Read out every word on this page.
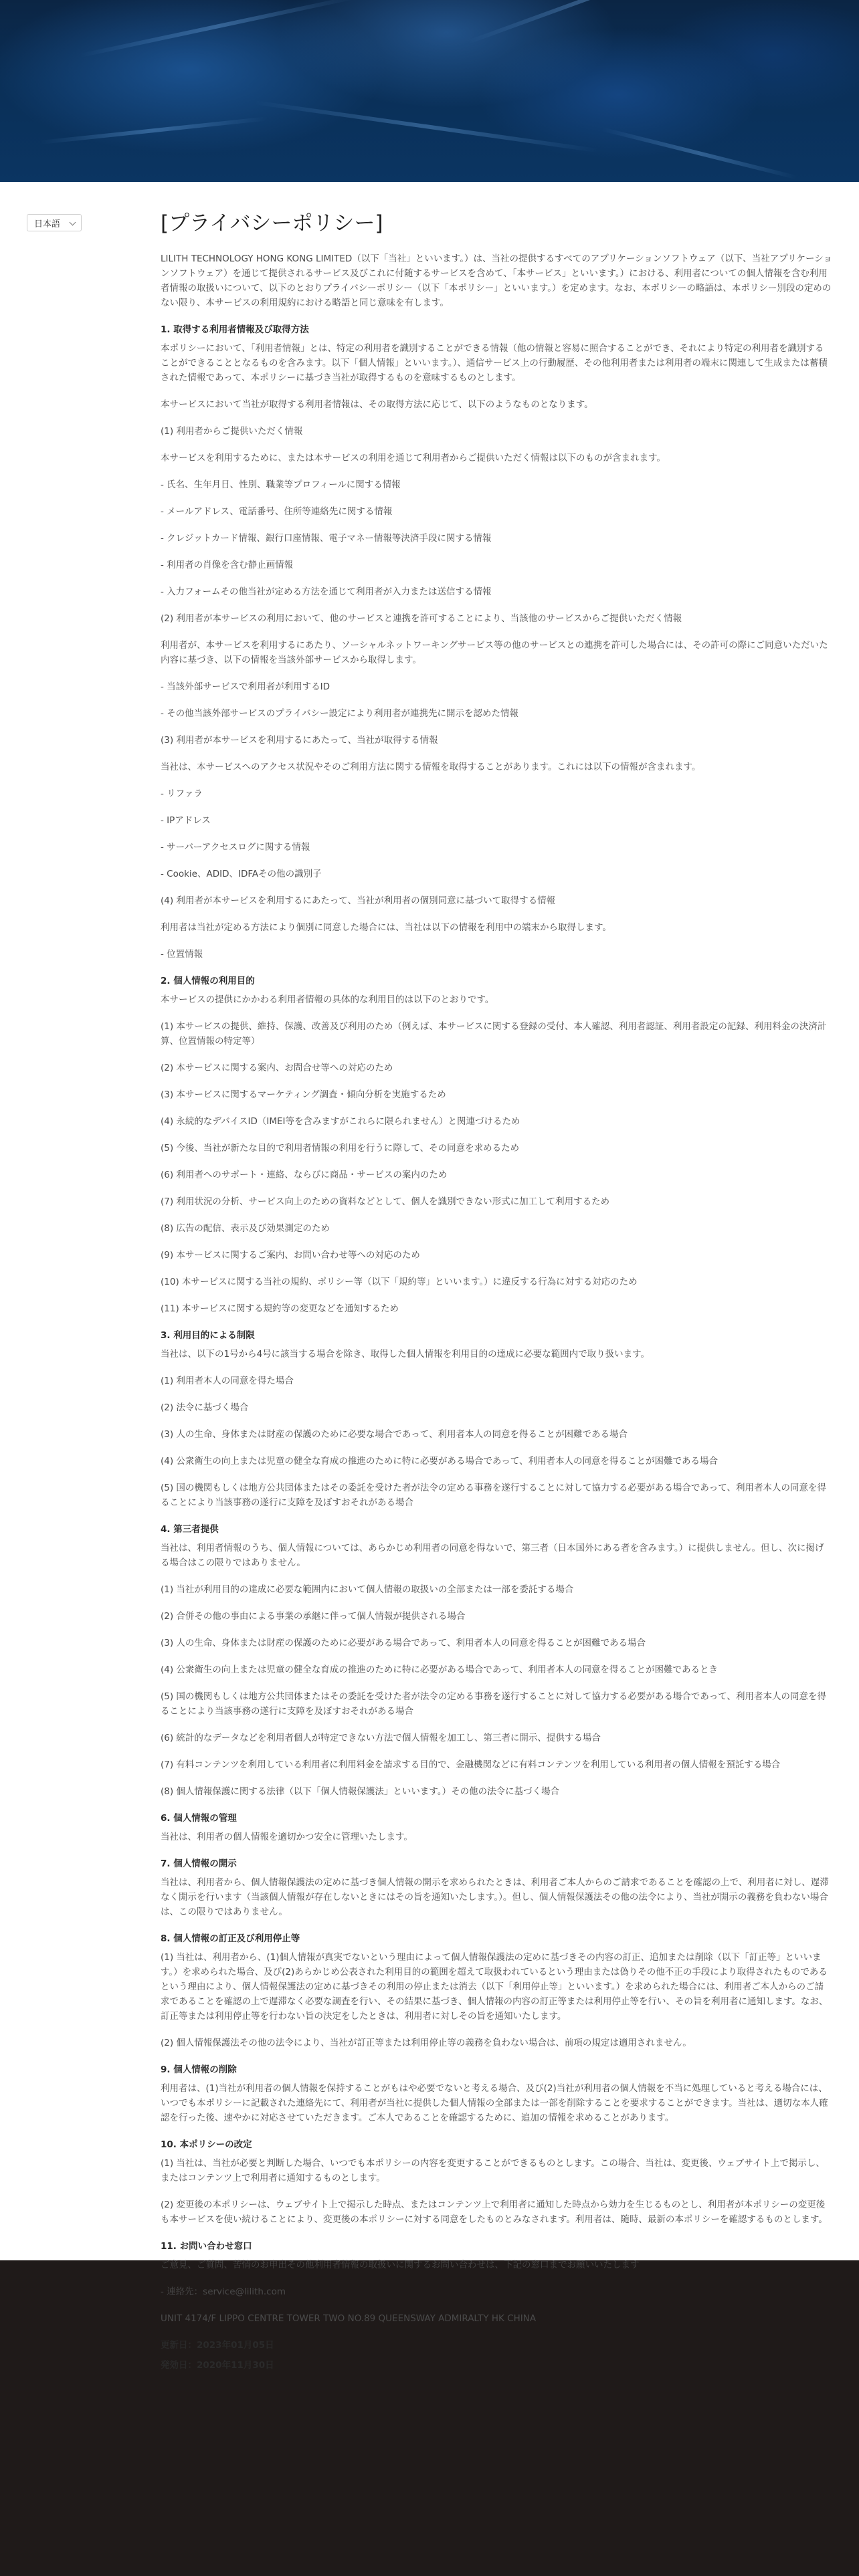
日本語	[プライバシーポリシー]

LILITH TECHNOLOGY HONG KONG LIMITED（以下「当社」といいます。）は、当社の提供するすべてのアプリケーションソフトウェア（以下、当社アプリケーションソフトウェア）を通じて提供されるサービス及びこれに付随するサービスを含めて、「本サービス」といいます。）における、利用者についての個人情報を含む利用者情報の取扱いについて、以下のとおりプライバシーポリシー（以下「本ポリシー」といいます。）を定めます。なお、本ポリシーの略語は、本ポリシー別段の定めのない限り、本サービスの利用規約における略語と同じ意味を有します。

1. 取得する利用者情報及び取得方法

本ポリシーにおいて、「利用者情報」とは、特定の利用者を識別することができる情報（他の情報と容易に照合することができ、それにより特定の利用者を識別することができることとなるものを含みます。以下「個人情報」といいます。）、通信サービス上の行動履歴、その他利用者または利用者の端末に関連して生成または蓄積された情報であって、本ポリシーに基づき当社が取得するものを意味するものとします。

本サービスにおいて当社が取得する利用者情報は、その取得方法に応じて、以下のようなものとなります。

(1) 利用者からご提供いただく情報

本サービスを利用するために、または本サービスの利用を通じて利用者からご提供いただく情報は以下のものが含まれます。

- 氏名、生年月日、性別、職業等プロフィールに関する情報

- メールアドレス、電話番号、住所等連絡先に関する情報

- クレジットカード情報、銀行口座情報、電子マネー情報等決済手段に関する情報

- 利用者の肖像を含む静止画情報

- 入力フォームその他当社が定める方法を通じて利用者が入力または送信する情報

(2) 利用者が本サービスの利用において、他のサービスと連携を許可することにより、当該他のサービスからご提供いただく情報

利用者が、本サービスを利用するにあたり、ソーシャルネットワーキングサービス等の他のサービスとの連携を許可した場合には、その許可の際にご同意いただいた内容に基づき、以下の情報を当該外部サービスから取得します。

- 当該外部サービスで利用者が利用するID

- その他当該外部サービスのプライバシー設定により利用者が連携先に開示を認めた情報

(3) 利用者が本サービスを利用するにあたって、当社が取得する情報

当社は、本サービスへのアクセス状況やそのご利用方法に関する情報を取得することがあります。これには以下の情報が含まれます。

- リファラ

- IPアドレス

- サーバーアクセスログに関する情報

- Cookie、ADID、IDFAその他の識別子

(4) 利用者が本サービスを利用するにあたって、当社が利用者の個別同意に基づいて取得する情報

利用者は当社が定める方法により個別に同意した場合には、当社は以下の情報を利用中の端末から取得します。

- 位置情報

2. 個人情報の利用目的

本サービスの提供にかかわる利用者情報の具体的な利用目的は以下のとおりです。

(1) 本サービスの提供、維持、保護、改善及び利用のため（例えば、本サービスに関する登録の受付、本人確認、利用者認証、利用者設定の記録、利用料金の決済計算、位置情報の特定等）

(2) 本サービスに関する案内、お問合せ等への対応のため

(3) 本サービスに関するマーケティング調査・傾向分析を実施するため

(4) 永続的なデバイスID（IMEI等を含みますがこれらに限られません）と関連づけるため

(5) 今後、当社が新たな目的で利用者情報の利用を行うに際して、その同意を求めるため

(6) 利用者へのサポート・連絡、ならびに商品・サービスの案内のため

(7) 利用状況の分析、サービス向上のための資料などとして、個人を識別できない形式に加工して利用するため

(8) 広告の配信、表示及び効果測定のため

(9) 本サービスに関するご案内、お問い合わせ等への対応のため

(10) 本サービスに関する当社の規約、ポリシー等（以下「規約等」といいます。）に違反する行為に対する対応のため

(11) 本サービスに関する規約等の変更などを通知するため

3. 利用目的による制限

当社は、以下の1号から4号に該当する場合を除き、取得した個人情報を利用目的の達成に必要な範囲内で取り扱います。

(1) 利用者本人の同意を得た場合

(2) 法令に基づく場合

(3) 人の生命、身体または財産の保護のために必要な場合であって、利用者本人の同意を得ることが困難である場合

(4) 公衆衛生の向上または児童の健全な育成の推進のために特に必要がある場合であって、利用者本人の同意を得ることが困難である場合

(5) 国の機関もしくは地方公共団体またはその委託を受けた者が法令の定める事務を遂行することに対して協力する必要がある場合であって、利用者本人の同意を得ることにより当該事務の遂行に支障を及ぼすおそれがある場合

4. 第三者提供

当社は、利用者情報のうち、個人情報については、あらかじめ利用者の同意を得ないで、第三者（日本国外にある者を含みます。）に提供しません。但し、次に掲げる場合はこの限りではありません。

(1) 当社が利用目的の達成に必要な範囲内において個人情報の取扱いの全部または一部を委託する場合

(2) 合併その他の事由による事業の承継に伴って個人情報が提供される場合

(3) 人の生命、身体または財産の保護のために必要がある場合であって、利用者本人の同意を得ることが困難である場合

(4) 公衆衛生の向上または児童の健全な育成の推進のために特に必要がある場合であって、利用者本人の同意を得ることが困難であるとき

(5) 国の機関もしくは地方公共団体またはその委託を受けた者が法令の定める事務を遂行することに対して協力する必要がある場合であって、利用者本人の同意を得ることにより当該事務の遂行に支障を及ぼすおそれがある場合

(6) 統計的なデータなどを利用者個人が特定できない方法で個人情報を加工し、第三者に開示、提供する場合

(7) 有料コンテンツを利用している利用者に利用料金を請求する目的で、金融機関などに有料コンテンツを利用している利用者の個人情報を預託する場合

(8) 個人情報保護に関する法律（以下「個人情報保護法」といいます。）その他の法令に基づく場合

6. 個人情報の管理

当社は、利用者の個人情報を適切かつ安全に管理いたします。

7. 個人情報の開示

当社は、利用者から、個人情報保護法の定めに基づき個人情報の開示を求められたときは、利用者ご本人からのご請求であることを確認の上で、利用者に対し、遅滞なく開示を行います（当該個人情報が存在しないときにはその旨を通知いたします。）。但し、個人情報保護法その他の法令により、当社が開示の義務を負わない場合は、この限りではありません。

8. 個人情報の訂正及び利用停止等

(1) 当社は、利用者から、(1)個人情報が真実でないという理由によって個人情報保護法の定めに基づきその内容の訂正、追加または削除（以下「訂正等」といいます。）を求められた場合、及び(2)あらかじめ公表された利用目的の範囲を超えて取扱われているという理由または偽りその他不正の手段により取得されたものであるという理由により、個人情報保護法の定めに基づきその利用の停止または消去（以下「利用停止等」といいます。）を求められた場合には、利用者ご本人からのご請求であることを確認の上で遅滞なく必要な調査を行い、その結果に基づき、個人情報の内容の訂正等または利用停止等を行い、その旨を利用者に通知します。なお、訂正等または利用停止等を行わない旨の決定をしたときは、利用者に対しその旨を通知いたします。

(2) 個人情報保護法その他の法令により、当社が訂正等または利用停止等の義務を負わない場合は、前項の規定は適用されません。

9. 個人情報の削除

利用者は、(1)当社が利用者の個人情報を保持することがもはや必要でないと考える場合、及び(2)当社が利用者の個人情報を不当に処理していると考える場合には、いつでも本ポリシーに記載された連絡先にて、利用者が当社に提供した個人情報の全部または一部を削除することを要求することができます。当社は、適切な本人確認を行った後、速やかに対応させていただきます。ご本人であることを確認するために、追加の情報を求めることがあります。

10. 本ポリシーの改定

(1) 当社は、当社が必要と判断した場合、いつでも本ポリシーの内容を変更することができるものとします。この場合、当社は、変更後、ウェブサイト上で掲示し、またはコンテンツ上で利用者に通知するものとします。

(2) 変更後の本ポリシーは、ウェブサイト上で掲示した時点、またはコンテンツ上で利用者に通知した時点から効力を生じるものとし、利用者が本ポリシーの変更後も本サービスを使い続けることにより、変更後の本ポリシーに対する同意をしたものとみなされます。利用者は、随時、最新の本ポリシーを確認するものとします。

11. お問い合わせ窓口

ご意見、ご質問、苦情のお申出その他利用者情報の取扱いに関するお問い合わせは、下記の窓口までお願いいたします

- 連絡先：service@lilith.com

UNIT 4174/F LIPPO CENTRE TOWER TWO NO.89 QUEENSWAY ADMIRALTY HK CHINA

更新日：2023年01月05日

発効日：2020年11月30日
